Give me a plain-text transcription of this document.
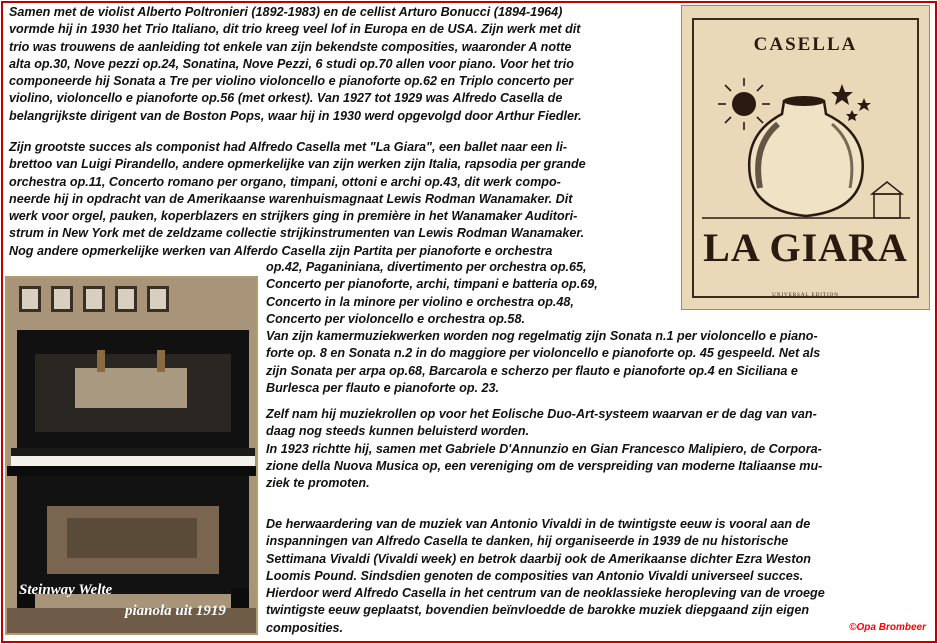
Samen met de violist Alberto Poltronieri (1892-1983) en de cellist Arturo Bonucci (1894-1964)
vormde hij in 1930 het Trio Italiano, dit trio kreeg veel lof in Europa en de USA. Zijn werk met dit
trio was trouwens de aanleiding tot enkele van zijn bekendste composities, waaronder A notte
alta op.30, Nove pezzi op.24, Sonatina, Nove Pezzi, 6 studi op.70 allen voor piano. Voor het trio
componeerde hij Sonata a Tre per violino violoncello e pianoforte op.62 en Triplo concerto per
violino, violoncello e pianoforte op.56 (met orkest). Van 1927 tot 1929 was Alfredo Casella de
belangrijkste dirigent van de Boston Pops, waar hij in 1930 werd opgevolgd door Arthur Fiedler.

Zijn grootste succes als componist had Alfredo Casella met "La Giara", een ballet naar een li-
brettoo van Luigi Pirandello, andere opmerkelijke van zijn werken zijn Italia, rapsodia per grande
orchestra op.11, Concerto romano per organo, timpani, ottoni e archi op.43, dit werk compo-
neerde hij in opdracht van de Amerikaanse warenhuismagnaat Lewis Rodman Wanamaker. Dit
werk voor orgel, pauken, koperblazers en strijkers ging in première in het Wanamaker Auditori-
strum in New York met de zeldzame collectie strijkinstrumenten van Lewis Rodman Wanamaker.
Nog andere opmerkelijke werken van Alferdo Casella zijn Partita per pianoforte e orchestra

op.42, Paganiniana, divertimento per orchestra op.65,
Concerto per pianoforte, archi, timpani e batteria op.69,
Concerto in la minore per violino e orchestra op.48,
Concerto per violoncello e orchestra op.58.
Van zijn kamermuziekwerken worden nog regelmatig zijn Sonata n.1 per violoncello e piano-
forte op. 8 en Sonata n.2 in do maggiore per violoncello e pianoforte op. 45 gespeeld. Net als
zijn Sonata per arpa op.68, Barcarola e scherzo per flauto e pianoforte op.4 en Siciliana e
Burlesca per flauto e pianoforte op. 23.

Zelf nam hij muziekrollen op voor het Eolische Duo-Art-systeem waarvan er de dag van van-
daag nog steeds kunnen beluisterd worden.
In 1923 richtte hij, samen met Gabriele D'Annunzio en Gian Francesco Malipiero, de Corpora-
zione della Nuova Musica op, een vereniging om de verspreiding van moderne Italiaanse mu-
ziek te promoten.

De herwaardering van de muziek van Antonio Vivaldi in de twintigste eeuw is vooral aan de
inspanningen van Alfredo Casella te danken, hij organiseerde in 1939 de nu historische
Settimana Vivaldi (Vivaldi week) en betrok daarbij ook de Amerikaanse dichter Ezra Weston
Loomis Pound. Sindsdien genoten de composities van Antonio Vivaldi universeel succes.
Hierdoor werd Alfredo Casella in het centrum van de neoklassieke heropleving van de vroege
twintigste eeuw geplaatst, bovendien beïnvloedde de barokke muziek diepgaand zijn eigen
composities.

CASELLA
LA GIARA
UNIVERSAL EDITION
Steinway Welte
pianola uit 1919
©Opa Brombeer
